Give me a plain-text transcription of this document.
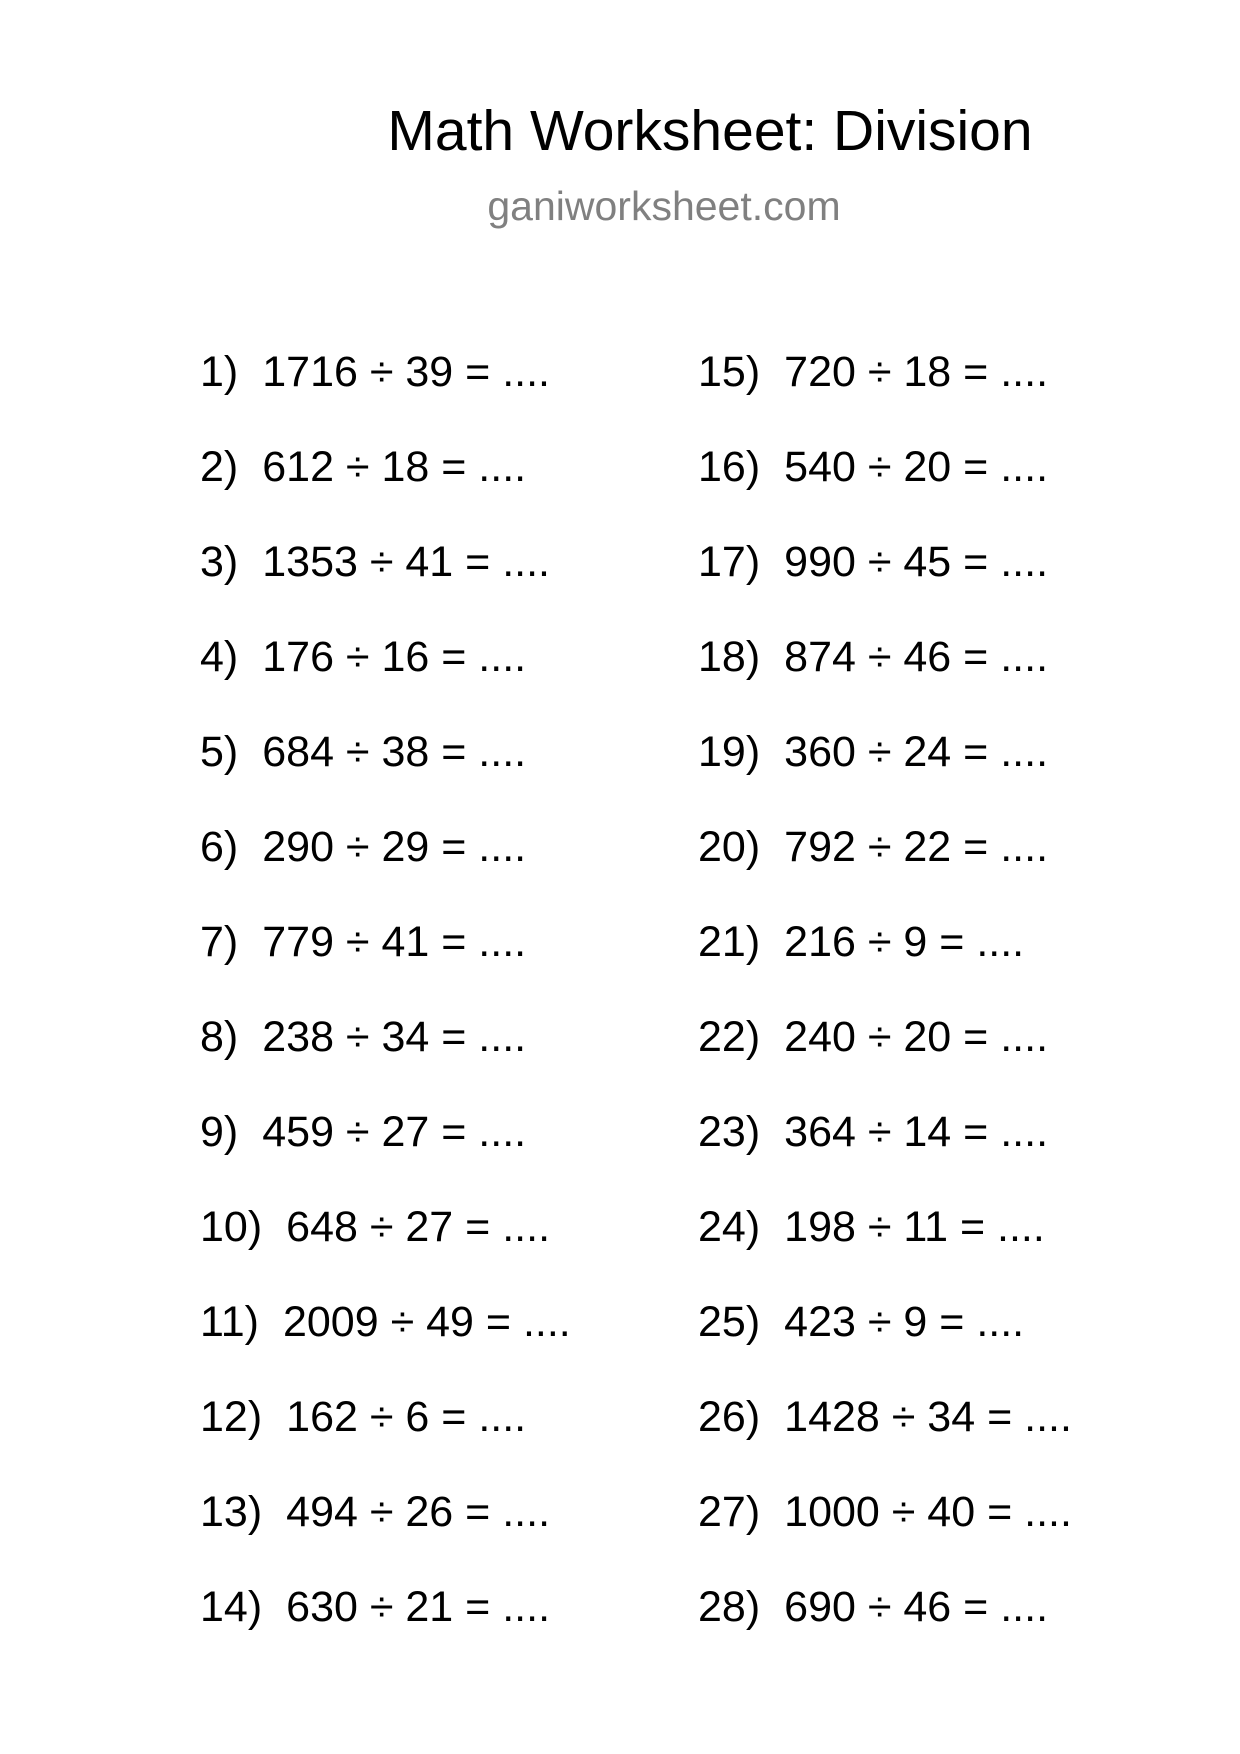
Math Worksheet: Division
ganiworksheet.com
1) 1716 ÷ 39 = ....
2) 612 ÷ 18 = ....
3) 1353 ÷ 41 = ....
4) 176 ÷ 16 = ....
5) 684 ÷ 38 = ....
6) 290 ÷ 29 = ....
7) 779 ÷ 41 = ....
8) 238 ÷ 34 = ....
9) 459 ÷ 27 = ....
10) 648 ÷ 27 = ....
11) 2009 ÷ 49 = ....
12) 162 ÷ 6 = ....
13) 494 ÷ 26 = ....
14) 630 ÷ 21 = ....
15) 720 ÷ 18 = ....
16) 540 ÷ 20 = ....
17) 990 ÷ 45 = ....
18) 874 ÷ 46 = ....
19) 360 ÷ 24 = ....
20) 792 ÷ 22 = ....
21) 216 ÷ 9 = ....
22) 240 ÷ 20 = ....
23) 364 ÷ 14 = ....
24) 198 ÷ 11 = ....
25) 423 ÷ 9 = ....
26) 1428 ÷ 34 = ....
27) 1000 ÷ 40 = ....
28) 690 ÷ 46 = ....
